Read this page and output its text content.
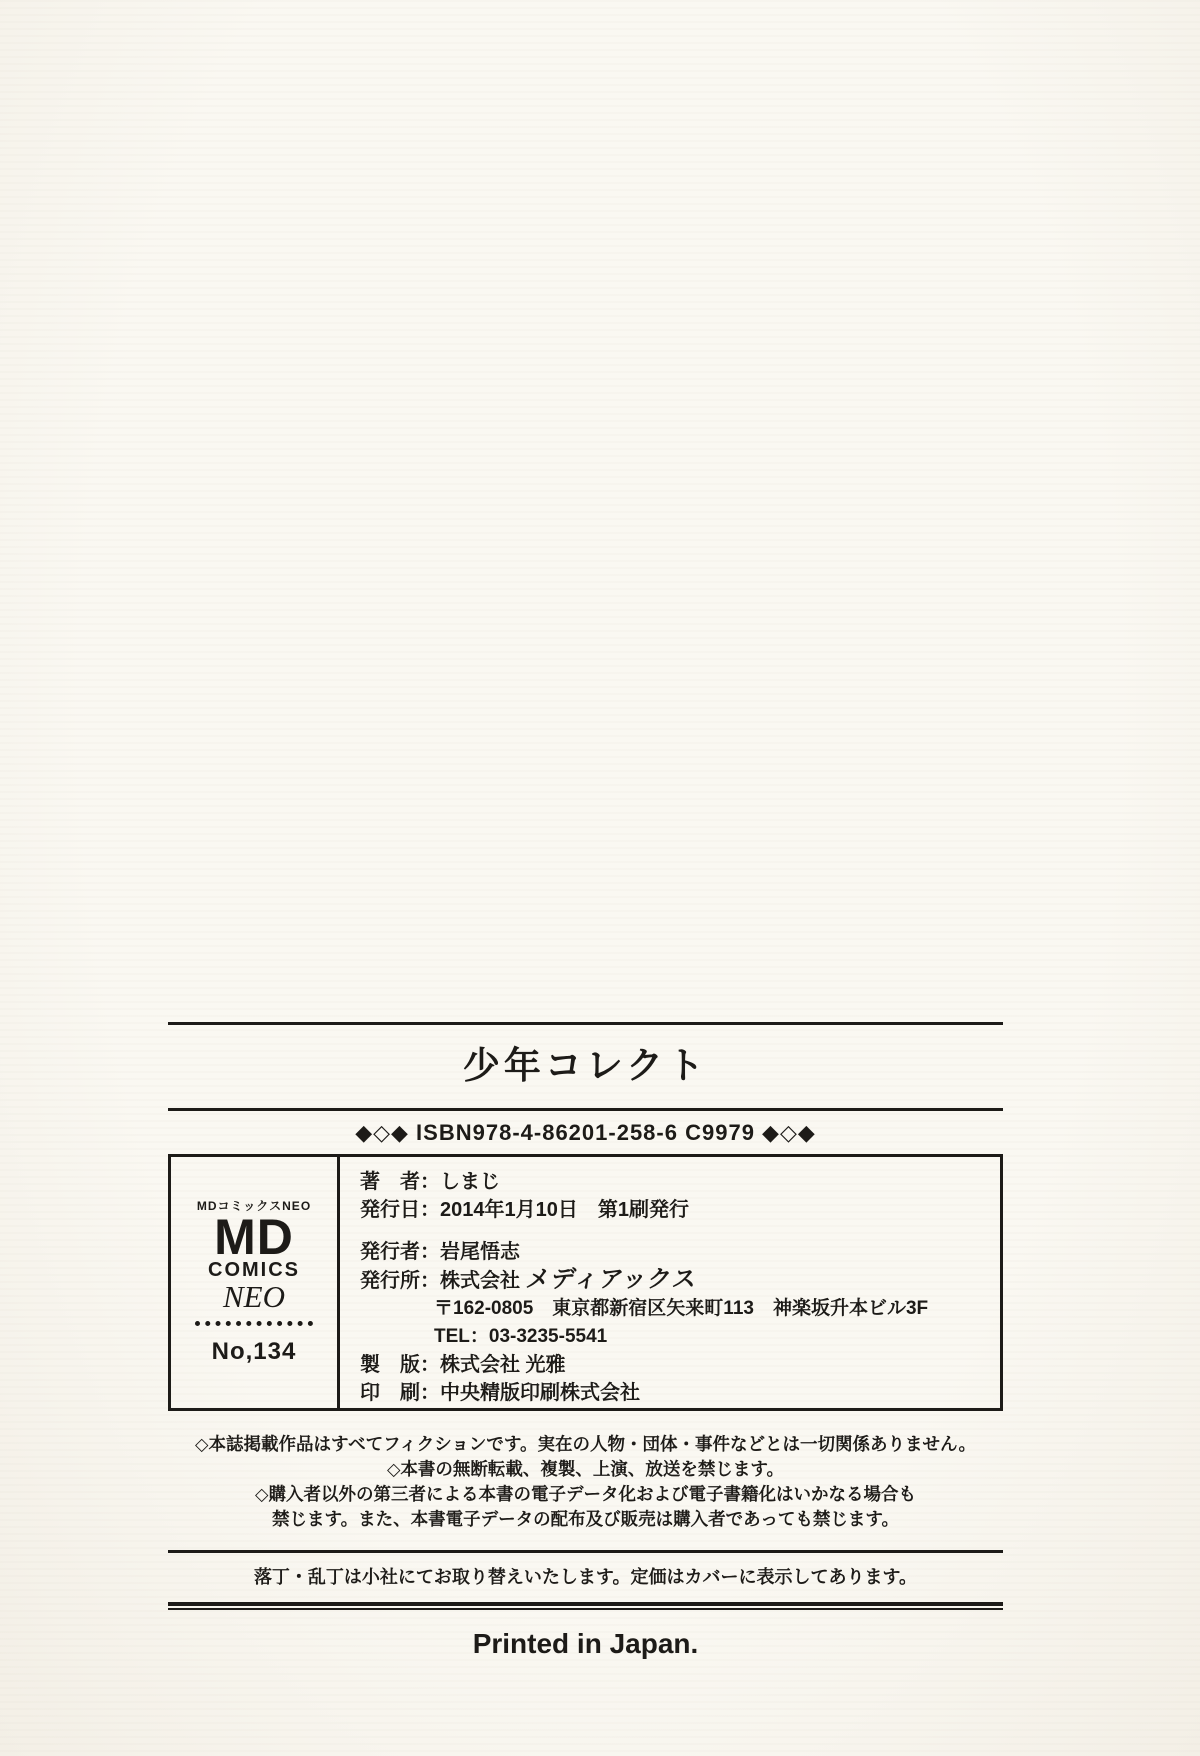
少年コレクト
◆◇◆ ISBN978-4-86201-258-6 C9979 ◆◇◆
MDコミックスNEO
MD
COMICS
NEO
No,134
著　者：しまじ
発行日：2014年1月10日　第1刷発行
発行者：岩尾悟志
発行所：株式会社 メディアックス
〒162-0805　東京都新宿区矢来町113　神楽坂升本ビル3F
TEL：03-3235-5541
製　版：株式会社 光雅
印　刷：中央精版印刷株式会社
◇本誌掲載作品はすべてフィクションです。実在の人物・団体・事件などとは一切関係ありません。
◇本書の無断転載、複製、上演、放送を禁じます。
◇購入者以外の第三者による本書の電子データ化および電子書籍化はいかなる場合も
禁じます。また、本書電子データの配布及び販売は購入者であっても禁じます。
落丁・乱丁は小社にてお取り替えいたします。定価はカバーに表示してあります。
Printed in Japan.
